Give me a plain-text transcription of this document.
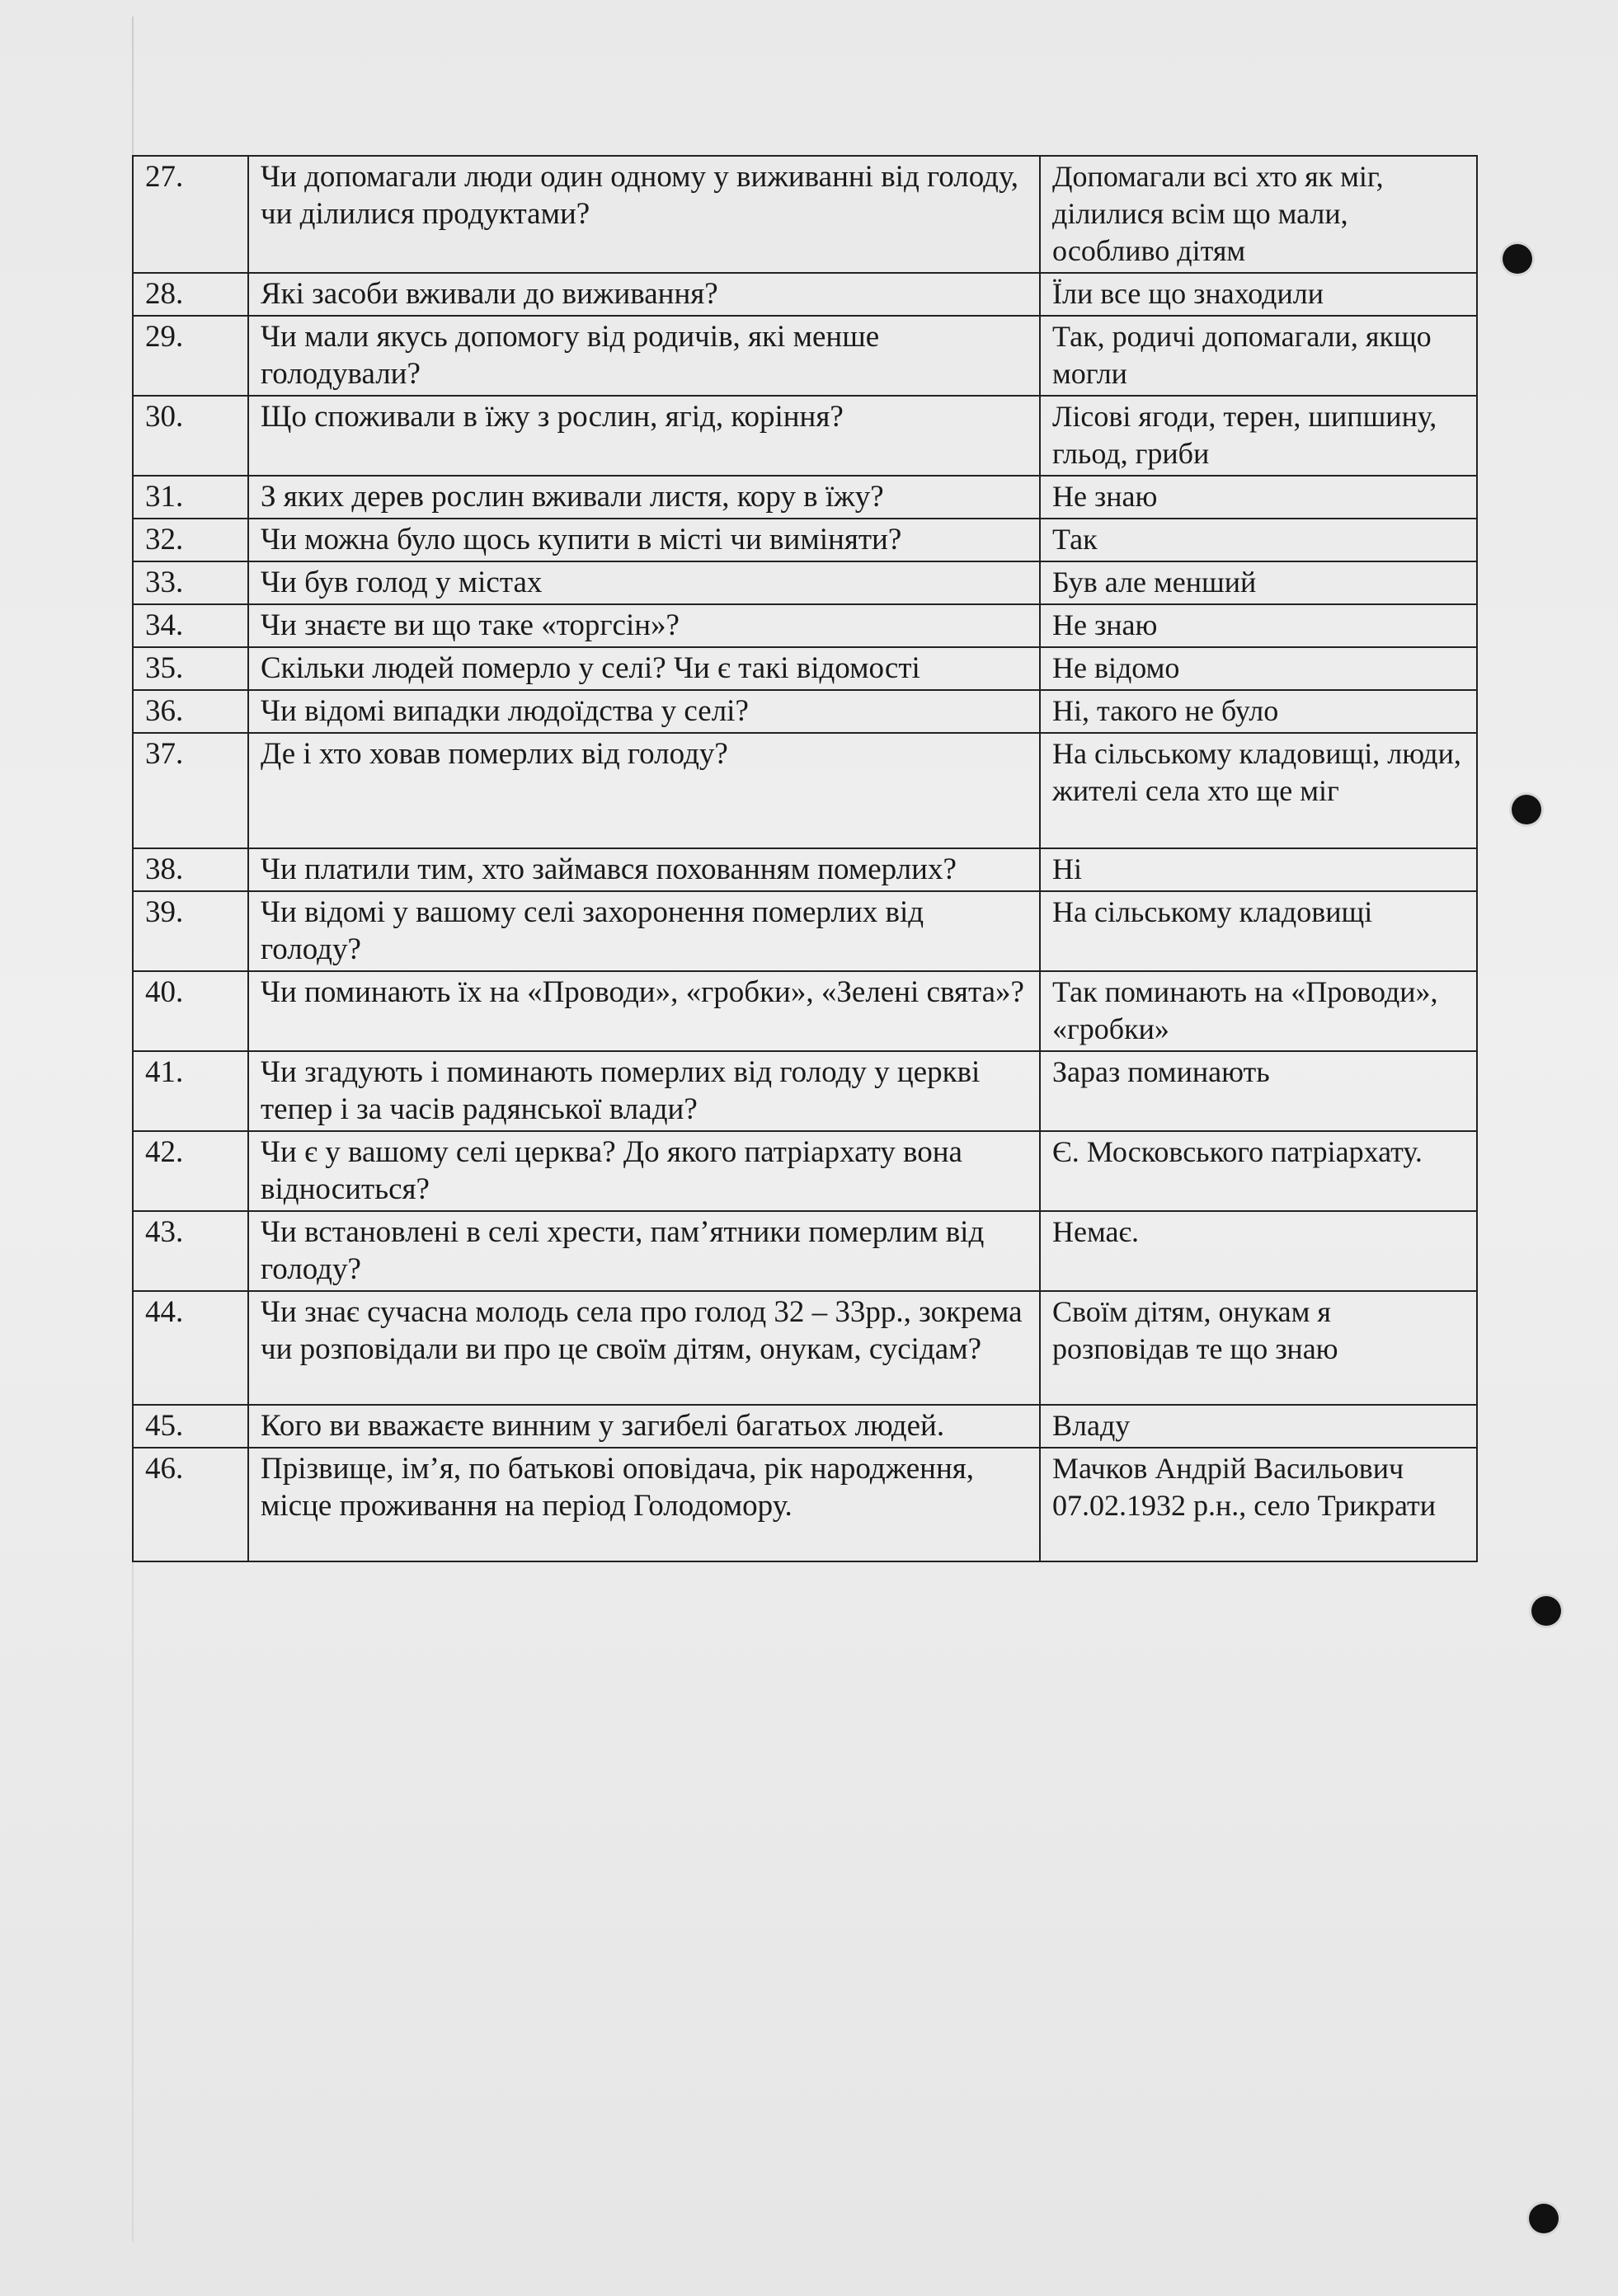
27.	Чи допомагали люди один одному у виживанні від голоду, чи ділилися продуктами?	Допомагали всі хто як міг, ділилися всім що мали, особливо дітям
28.	Які засоби вживали до виживання?	Їли все що знаходили
29.	Чи мали якусь допомогу від родичів, які менше голодували?	Так, родичі допомагали, якщо могли
30.	Що споживали в їжу з рослин, ягід, коріння?	Лісові ягоди, терен, шипшину, гльод, гриби
31.	З яких дерев рослин вживали листя, кору в їжу?	Не знаю
32.	Чи можна було щось купити в місті чи виміняти?	Так
33.	Чи був голод у містах	Був але менший
34.	Чи знаєте ви що таке «торгсін»?	Не знаю
35.	Скільки людей померло у селі? Чи є такі відомості	Не відомо
36.	Чи відомі випадки людоїдства у селі?	Ні, такого не було
37.	Де і хто ховав померлих від голоду?	На сільському кладовищі, люди, жителі села хто ще міг
38.	Чи платили тим, хто займався похованням померлих?	Ні
39.	Чи відомі у вашому селі захоронення померлих від голоду?	На сільському кладовищі
40.	Чи поминають їх на «Проводи», «гробки», «Зелені свята»?	Так поминають на «Проводи», «гробки»
41.	Чи згадують і поминають померлих від голоду у церкві тепер і за часів радянської влади?	Зараз поминають
42.	Чи є у вашому селі церква? До якого патріархату вона відноситься?	Є. Московського патріархату.
43.	Чи встановлені в селі хрести, пам’ятники померлим від голоду?	Немає.
44.	Чи знає сучасна молодь села про голод 32 – 33рр., зокрема чи розповідали ви про це своїм дітям, онукам, сусідам?	Своїм дітям, онукам я розповідав те що знаю
45.	Кого ви вважаєте винним у загибелі багатьох людей.	Владу
46.	Прізвище, ім’я, по батькові оповідача, рік народження, місце проживання на період Голодомору.	Мачков Андрій Васильович 07.02.1932 р.н., село Трикрати
